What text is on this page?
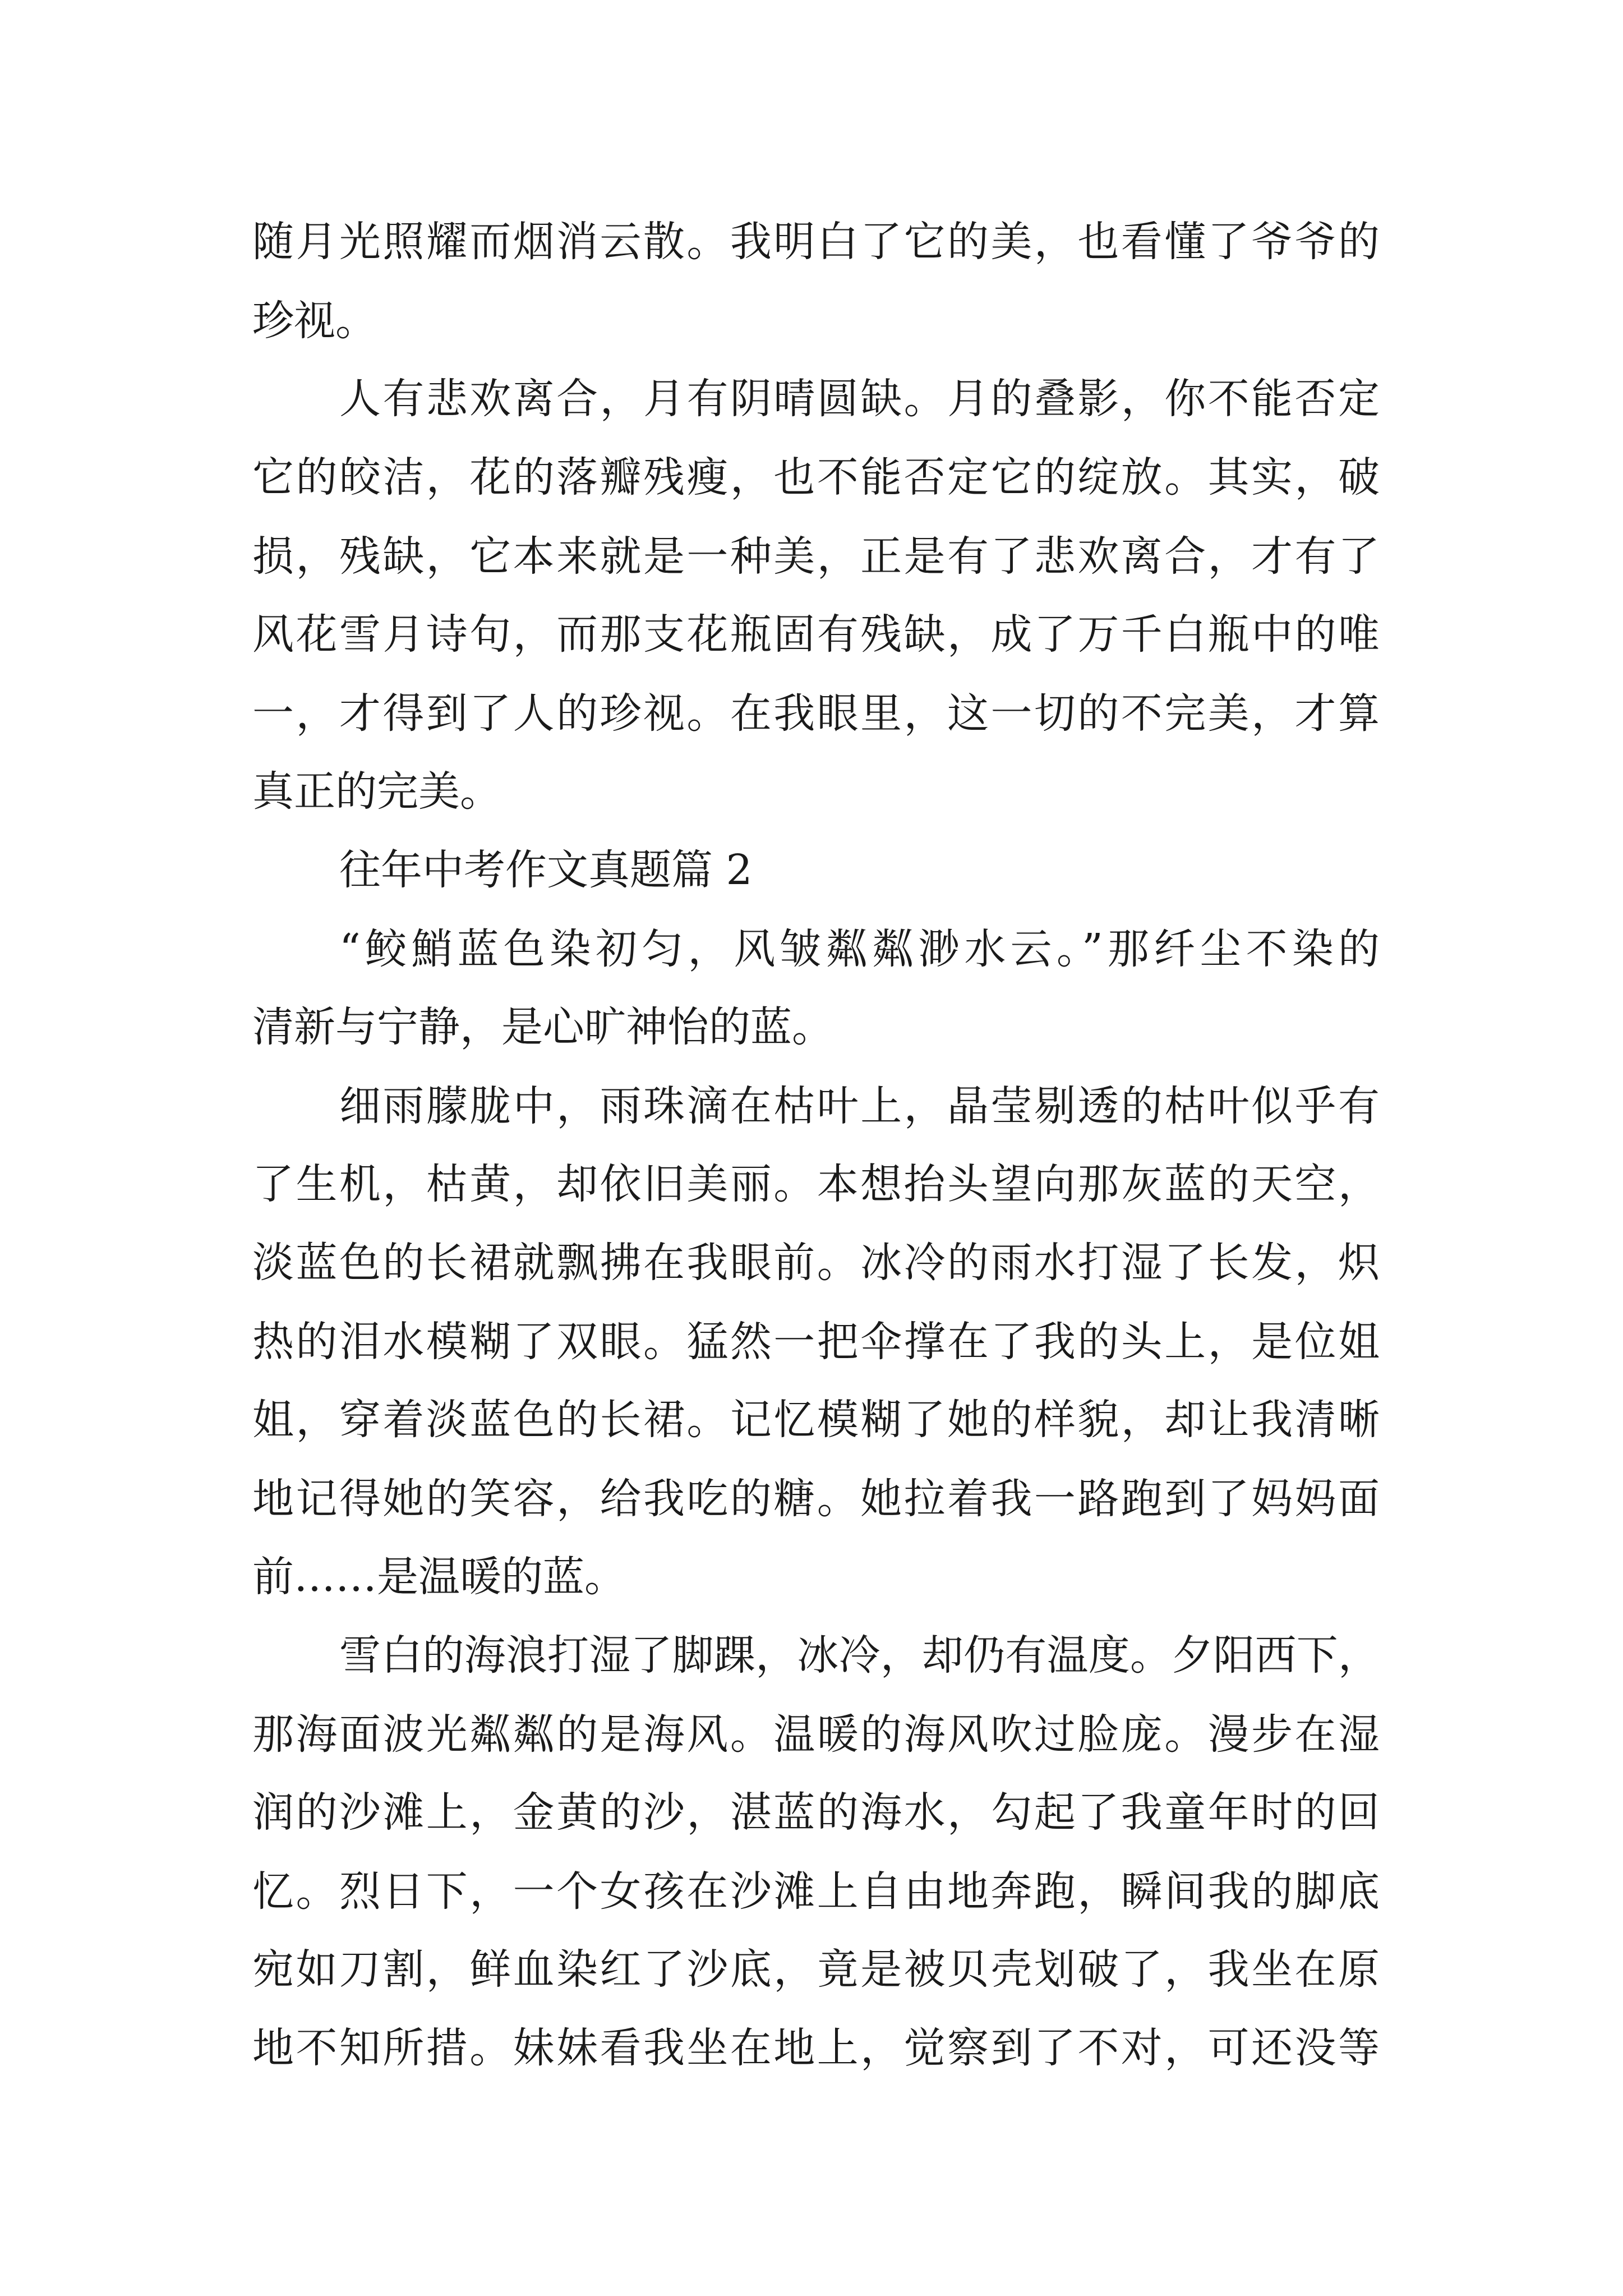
随月光照耀而烟消云散。我明白了它的美，也看懂了爷爷的
珍视。
人有悲欢离合，月有阴晴圆缺。月的叠影，你不能否定
它的皎洁，花的落瓣残瘦，也不能否定它的绽放。其实，破
损，残缺，它本来就是一种美，正是有了悲欢离合，才有了
风花雪月诗句，而那支花瓶固有残缺，成了万千白瓶中的唯
一，才得到了人的珍视。在我眼里，这一切的不完美，才算
真正的完美。
往年中考作文真题篇 2
“鲛鮹蓝色染初匀，风皱粼粼渺水云。”那纤尘不染的
清新与宁静，是心旷神怡的蓝。
细雨朦胧中，雨珠滴在枯叶上，晶莹剔透的枯叶似乎有
了生机，枯黄，却依旧美丽。本想抬头望向那灰蓝的天空，
淡蓝色的长裙就飘拂在我眼前。冰冷的雨水打湿了长发，炽
热的泪水模糊了双眼。猛然一把伞撑在了我的头上，是位姐
姐，穿着淡蓝色的长裙。记忆模糊了她的样貌，却让我清晰
地记得她的笑容，给我吃的糖。她拉着我一路跑到了妈妈面
前……是温暖的蓝。
雪白的海浪打湿了脚踝，冰冷，却仍有温度。夕阳西下，
那海面波光粼粼的是海风。温暖的海风吹过脸庞。漫步在湿
润的沙滩上，金黄的沙，湛蓝的海水，勾起了我童年时的回
忆。烈日下，一个女孩在沙滩上自由地奔跑，瞬间我的脚底
宛如刀割，鲜血染红了沙底，竟是被贝壳划破了，我坐在原
地不知所措。妹妹看我坐在地上，觉察到了不对，可还没等
